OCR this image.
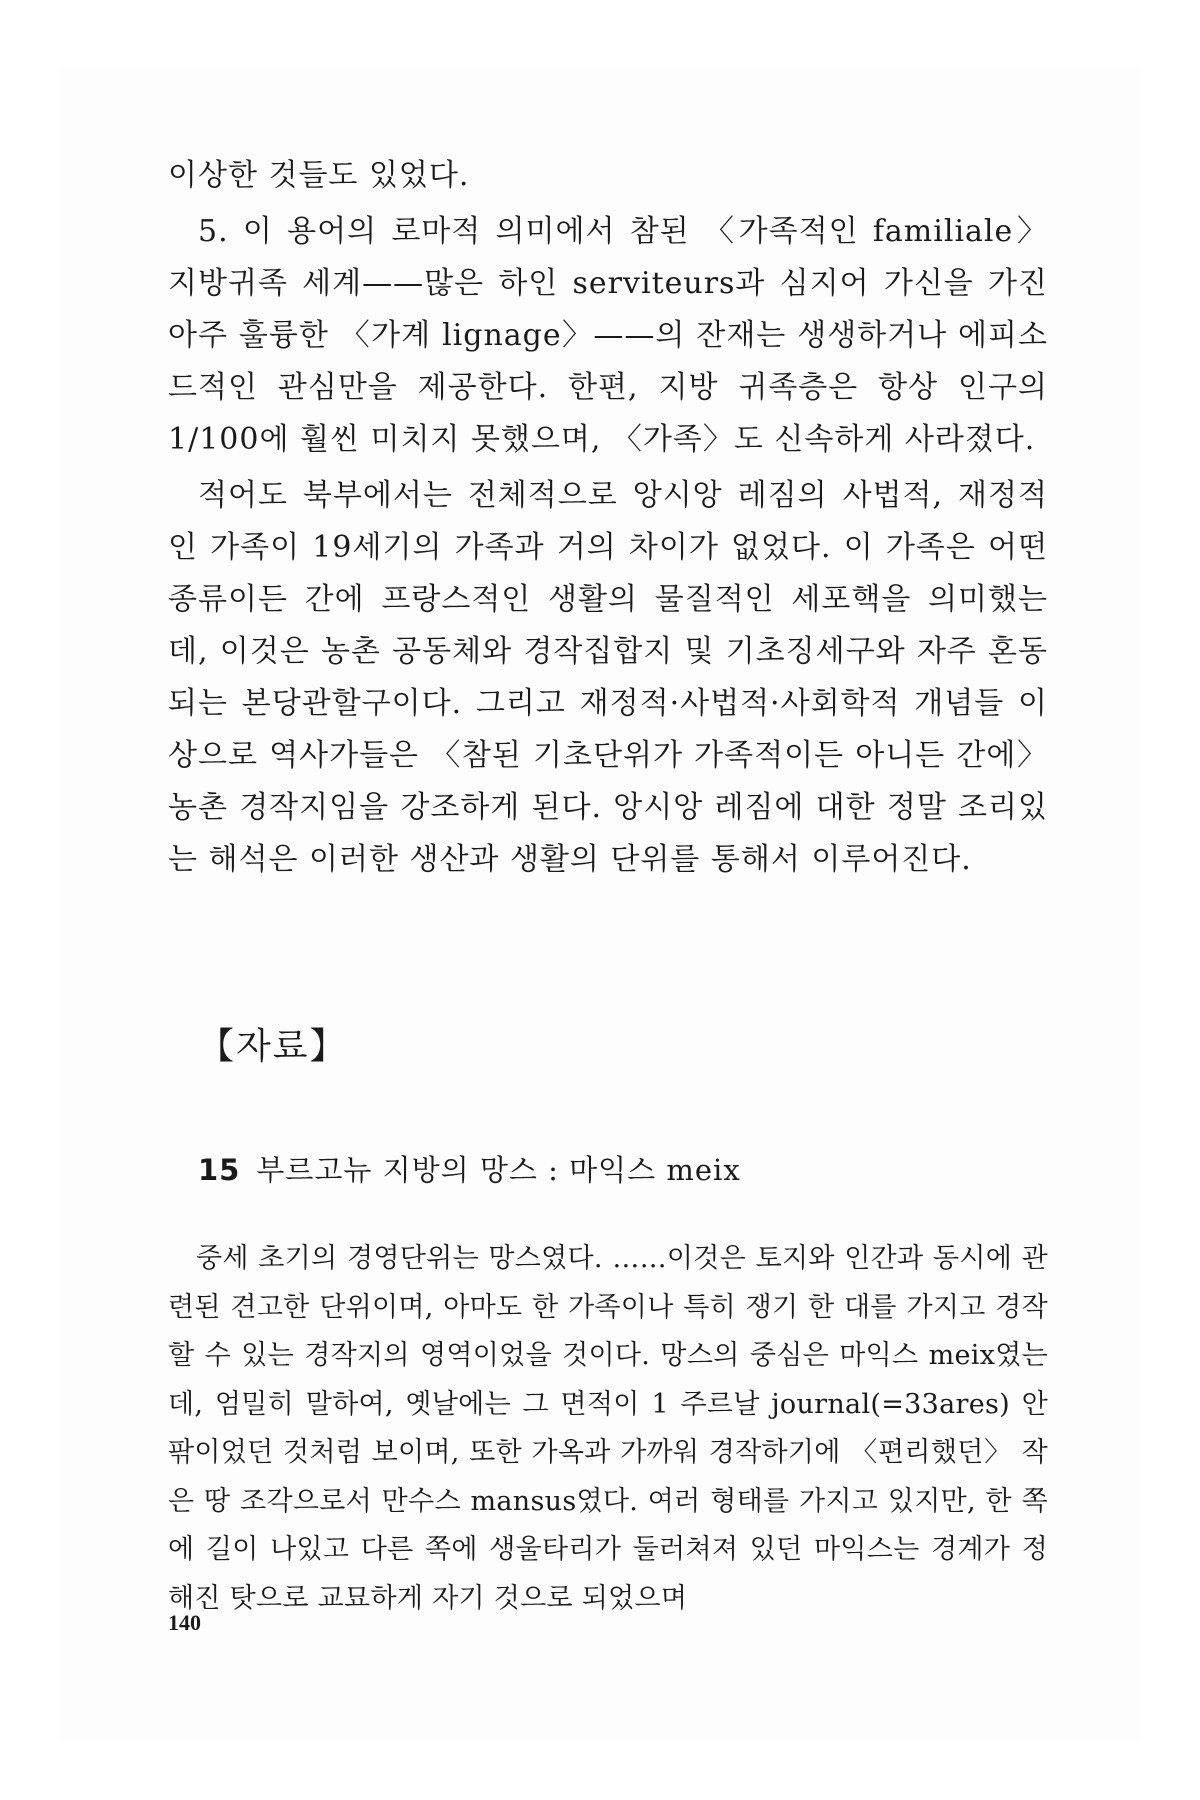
이상한 것들도 있었다.

5. 이 용어의 로마적 의미에서 참된 〈가족적인 familiale〉 지방귀족 세계——많은 하인 serviteurs과 심지어 가신을 가진 아주 훌륭한 〈가계 lignage〉——의 잔재는 생생하거나 에피소드적인 관심만을 제공한다. 한편, 지방 귀족층은 항상 인구의 1/100에 훨씬 미치지 못했으며, 〈가족〉도 신속하게 사라졌다.

적어도 북부에서는 전체적으로 앙시앙 레짐의 사법적, 재정적인 가족이 19세기의 가족과 거의 차이가 없었다. 이 가족은 어떤 종류이든 간에 프랑스적인 생활의 물질적인 세포핵을 의미했는데, 이것은 농촌 공동체와 경작집합지 및 기초징세구와 자주 혼동되는 본당관할구이다. 그리고 재정적·사법적·사회학적 개념들 이상으로 역사가들은 〈참된 기초단위가 가족적이든 아니든 간에〉 농촌 경작지임을 강조하게 된다. 앙시앙 레짐에 대한 정말 조리있는 해석은 이러한 생산과 생활의 단위를 통해서 이루어진다.

【자료】
15 부르고뉴 지방의 망스 : 마익스 meix

중세 초기의 경영단위는 망스였다. ……이것은 토지와 인간과 동시에 관련된 견고한 단위이며, 아마도 한 가족이나 특히 쟁기 한 대를 가지고 경작할 수 있는 경작지의 영역이었을 것이다. 망스의 중심은 마익스 meix였는데, 엄밀히 말하여, 옛날에는 그 면적이 1 주르날 journal(=33ares) 안팎이었던 것처럼 보이며, 또한 가옥과 가까워 경작하기에 〈편리했던〉 작은 땅 조각으로서 만수스 mansus였다. 여러 형태를 가지고 있지만, 한 쪽에 길이 나있고 다른 쪽에 생울타리가 둘러쳐져 있던 마익스는 경계가 정해진 탓으로 교묘하게 자기 것으로 되었으며

140
